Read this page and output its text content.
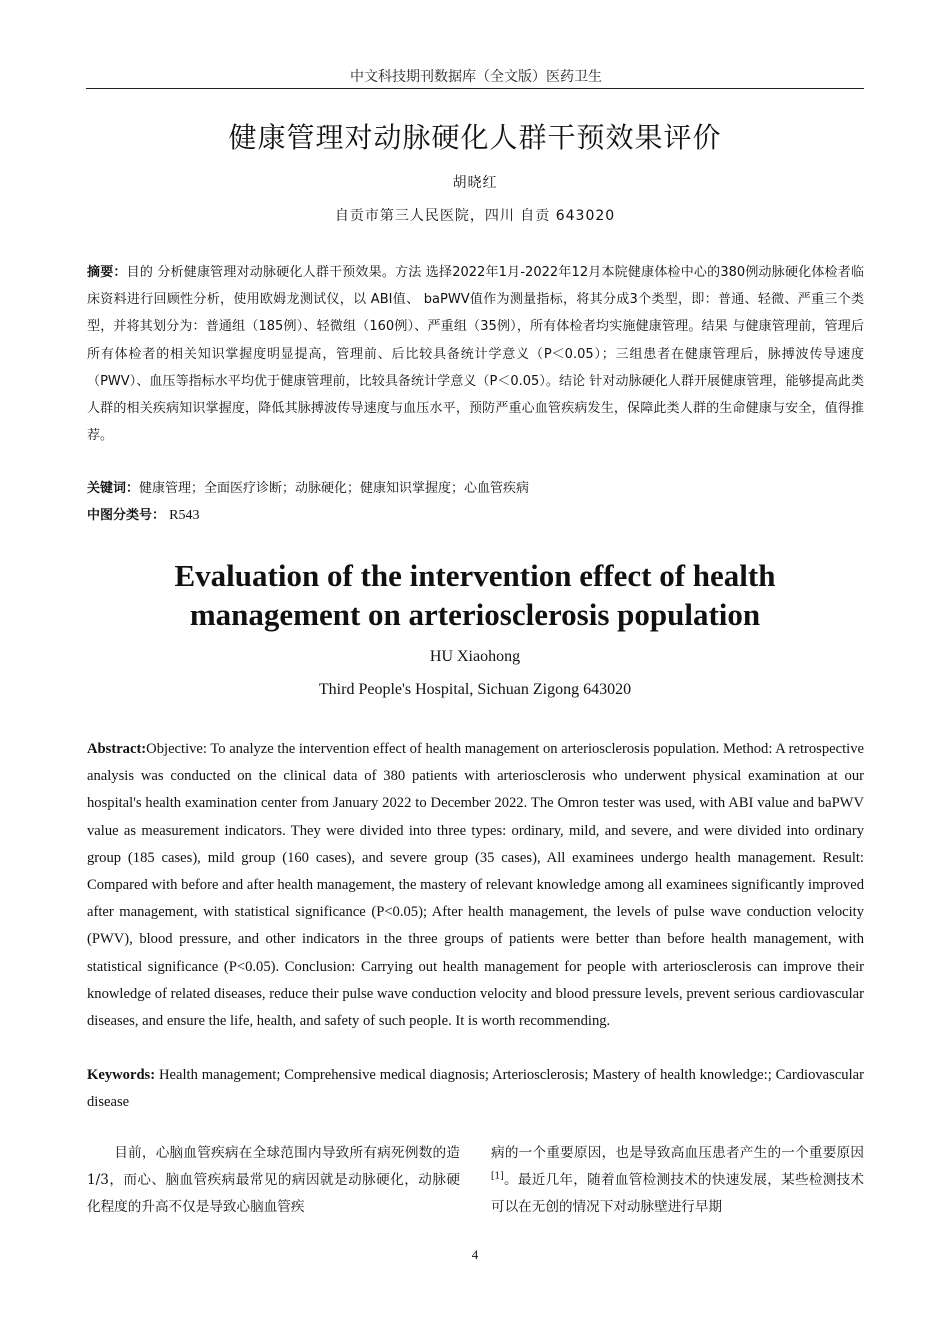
中文科技期刊数据库（全文版）医药卫生
健康管理对动脉硬化人群干预效果评价
胡晓红
自贡市第三人民医院，四川 自贡 643020
摘要：目的 分析健康管理对动脉硬化人群干预效果。方法 选择2022年1月-2022年12月本院健康体检中心的380例动脉硬化体检者临床资料进行回顾性分析，使用欧姆龙测试仪，以 ABI值、 baPWV值作为测量指标，将其分成3个类型，即：普通、轻微、严重三个类型，并将其划分为：普通组（185例）、轻微组（160例）、严重组（35例），所有体检者均实施健康管理。结果 与健康管理前，管理后所有体检者的相关知识掌握度明显提高，管理前、后比较具备统计学意义（P＜0.05）；三组患者在健康管理后，脉搏波传导速度（PWV）、血压等指标水平均优于健康管理前，比较具备统计学意义（P＜0.05）。结论 针对动脉硬化人群开展健康管理，能够提高此类人群的相关疾病知识掌握度，降低其脉搏波传导速度与血压水平，预防严重心血管疾病发生，保障此类人群的生命健康与安全，值得推荐。
关键词：健康管理；全面医疗诊断；动脉硬化；健康知识掌握度；心血管疾病
中图分类号： R543
Evaluation of the intervention effect of health
management on arteriosclerosis population
HU Xiaohong
Third People's Hospital, Sichuan Zigong 643020
Abstract:Objective: To analyze the intervention effect of health management on arteriosclerosis population. Method: A retrospective analysis was conducted on the clinical data of 380 patients with arteriosclerosis who underwent physical examination at our hospital's health examination center from January 2022 to December 2022. The Omron tester was used, with ABI value and baPWV value as measurement indicators. They were divided into three types: ordinary, mild, and severe, and were divided into ordinary group (185 cases), mild group (160 cases), and severe group (35 cases), All examinees undergo health management. Result: Compared with before and after health management, the mastery of relevant knowledge among all examinees significantly improved after management, with statistical significance (P<0.05); After health management, the levels of pulse wave conduction velocity (PWV), blood pressure, and other indicators in the three groups of patients were better than before health management, with statistical significance (P<0.05). Conclusion: Carrying out health management for people with arteriosclerosis can improve their knowledge of related diseases, reduce their pulse wave conduction velocity and blood pressure levels, prevent serious cardiovascular diseases, and ensure the life, health, and safety of such people. It is worth recommending.
Keywords: Health management; Comprehensive medical diagnosis; Arteriosclerosis; Mastery of health knowledge:; Cardiovascular disease
目前，心脑血管疾病在全球范围内导致所有病死例数的造1/3，而心、脑血管疾病最常见的病因就是动脉硬化，动脉硬化程度的升高不仅是导致心脑血管疾
病的一个重要原因，也是导致高血压患者产生的一个重要原因[1]。最近几年，随着血管检测技术的快速发展，某些检测技术可以在无创的情况下对动脉壁进行早期
4
